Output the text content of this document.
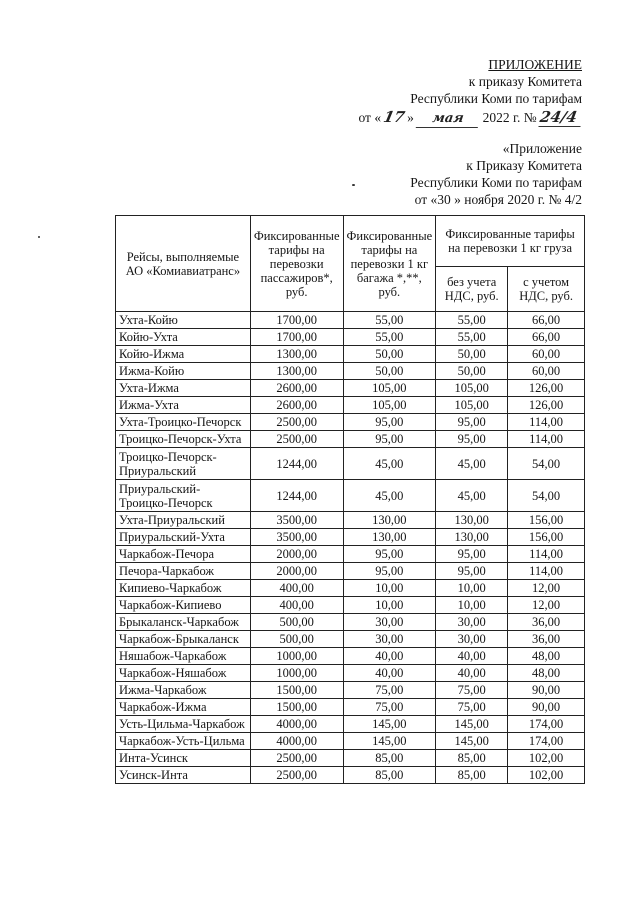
ПРИЛОЖЕНИЕ
к приказу Комитета
Республики Коми по тарифам
от «17» мая 2022 г. № 24/4
«Приложение
к Приказу Комитета
Республики Коми по тарифам
от «30 » ноября 2020 г. № 4/2
Рейсы, выполняемые АО «Комиавиатранс»	Фиксированные тарифы на перевозки пассажиров*, руб.	Фиксированные тарифы на перевозки 1 кг багажа *,**, руб.	Фиксированные тарифы на перевозки 1 кг груза	
			без учета НДС, руб.	с учетом НДС, руб.
Ухта-Койю	1700,00	55,00	55,00	66,00
Койю-Ухта	1700,00	55,00	55,00	66,00
Койю-Ижма	1300,00	50,00	50,00	60,00
Ижма-Койю	1300,00	50,00	50,00	60,00
Ухта-Ижма	2600,00	105,00	105,00	126,00
Ижма-Ухта	2600,00	105,00	105,00	126,00
Ухта-Троицко-Печорск	2500,00	95,00	95,00	114,00
Троицко-Печорск-Ухта	2500,00	95,00	95,00	114,00
Троицко-Печорск-Приуральский	1244,00	45,00	45,00	54,00
Приуральский-Троицко-Печорск	1244,00	45,00	45,00	54,00
Ухта-Приуральский	3500,00	130,00	130,00	156,00
Приуральский-Ухта	3500,00	130,00	130,00	156,00
Чаркабож-Печора	2000,00	95,00	95,00	114,00
Печора-Чаркабож	2000,00	95,00	95,00	114,00
Кипиево-Чаркабож	400,00	10,00	10,00	12,00
Чаркабож-Кипиево	400,00	10,00	10,00	12,00
Брыкаланск-Чаркабож	500,00	30,00	30,00	36,00
Чаркабож-Брыкаланск	500,00	30,00	30,00	36,00
Няшабож-Чаркабож	1000,00	40,00	40,00	48,00
Чаркабож-Няшабож	1000,00	40,00	40,00	48,00
Ижма-Чаркабож	1500,00	75,00	75,00	90,00
Чаркабож-Ижма	1500,00	75,00	75,00	90,00
Усть-Цильма-Чаркабож	4000,00	145,00	145,00	174,00
Чаркабож-Усть-Цильма	4000,00	145,00	145,00	174,00
Инта-Усинск	2500,00	85,00	85,00	102,00
Усинск-Инта	2500,00	85,00	85,00	102,00
